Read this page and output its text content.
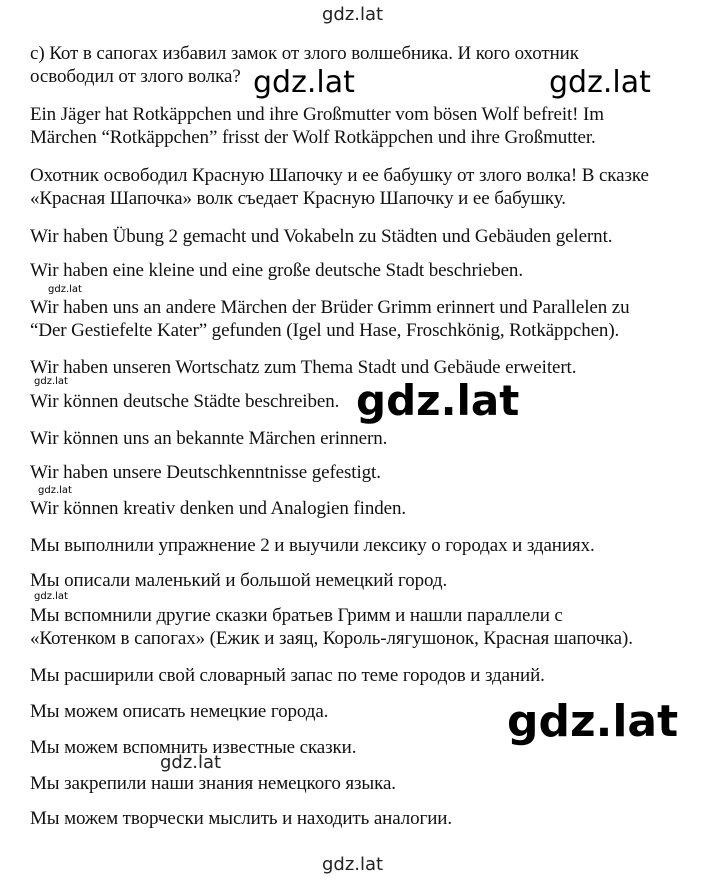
c) Кот в сапогах избавил замок от злого волшебника. И кого охотник
освободил от злого волка?
Ein Jäger hat Rotkäppchen und ihre Großmutter vom bösen Wolf befreit! Im
Märchen “Rotkäppchen” frisst der Wolf Rotkäppchen und ihre Großmutter.
Охотник освободил Красную Шапочку и ее бабушку от злого волка! В сказке
«Красная Шапочка» волк съедает Красную Шапочку и ее бабушку.
Wir haben Übung 2 gemacht und Vokabeln zu Städten und Gebäuden gelernt.
Wir haben eine kleine und eine große deutsche Stadt beschrieben.
Wir haben uns an andere Märchen der Brüder Grimm erinnert und Parallelen zu
“Der Gestiefelte Kater” gefunden (Igel und Hase, Froschkönig, Rotkäppchen).
Wir haben unseren Wortschatz zum Thema Stadt und Gebäude erweitert.
Wir können deutsche Städte beschreiben.
Wir können uns an bekannte Märchen erinnern.
Wir haben unsere Deutschkenntnisse gefestigt.
Wir können kreativ denken und Analogien finden.
Мы выполнили упражнение 2 и выучили лексику о городах и зданиях.
Мы описали маленький и большой немецкий город.
Мы вспомнили другие сказки братьев Гримм и нашли параллели с
«Котенком в сапогах» (Ежик и заяц, Король-лягушонок, Красная шапочка).
Мы расширили свой словарный запас по теме городов и зданий.
Мы можем описать немецкие города.
Мы можем вспомнить известные сказки.
Мы закрепили наши знания немецкого языка.
Мы можем творчески мыслить и находить аналогии.
gdz.lat
gdz.lat	gdz.lat
gdz.lat
gdz.lat	gdz.lat
gdz.lat
gdz.lat
gdz.lat
gdz.lat
gdz.lat
